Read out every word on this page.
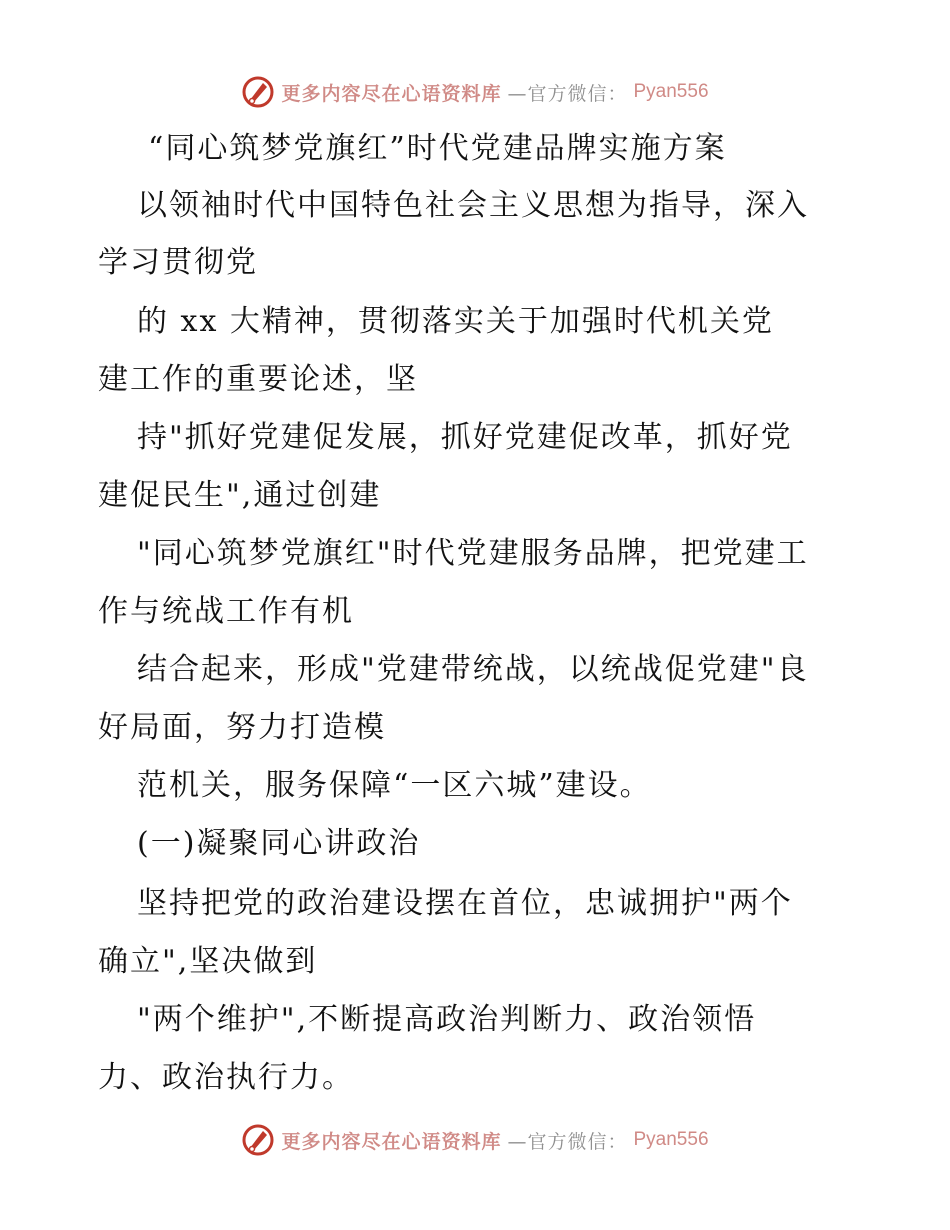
更多内容尽在心语资料库 —官方微信： Pyan556
“同心筑梦党旗红”时代党建品牌实施方案
以领袖时代中国特色社会主义思想为指导，深入
学习贯彻党
的 xx 大精神，贯彻落实关于加强时代机关党
建工作的重要论述，坚
持"抓好党建促发展，抓好党建促改革，抓好党
建促民生",通过创建
"同心筑梦党旗红"时代党建服务品牌，把党建工
作与统战工作有机
结合起来，形成"党建带统战，以统战促党建"良
好局面，努力打造模
范机关，服务保障“一区六城”建设。
(一)凝聚同心讲政治
坚持把党的政治建设摆在首位，忠诚拥护"两个
确立",坚决做到
"两个维护",不断提高政治判断力、政治领悟
力、政治执行力。
更多内容尽在心语资料库 —官方微信： Pyan556
